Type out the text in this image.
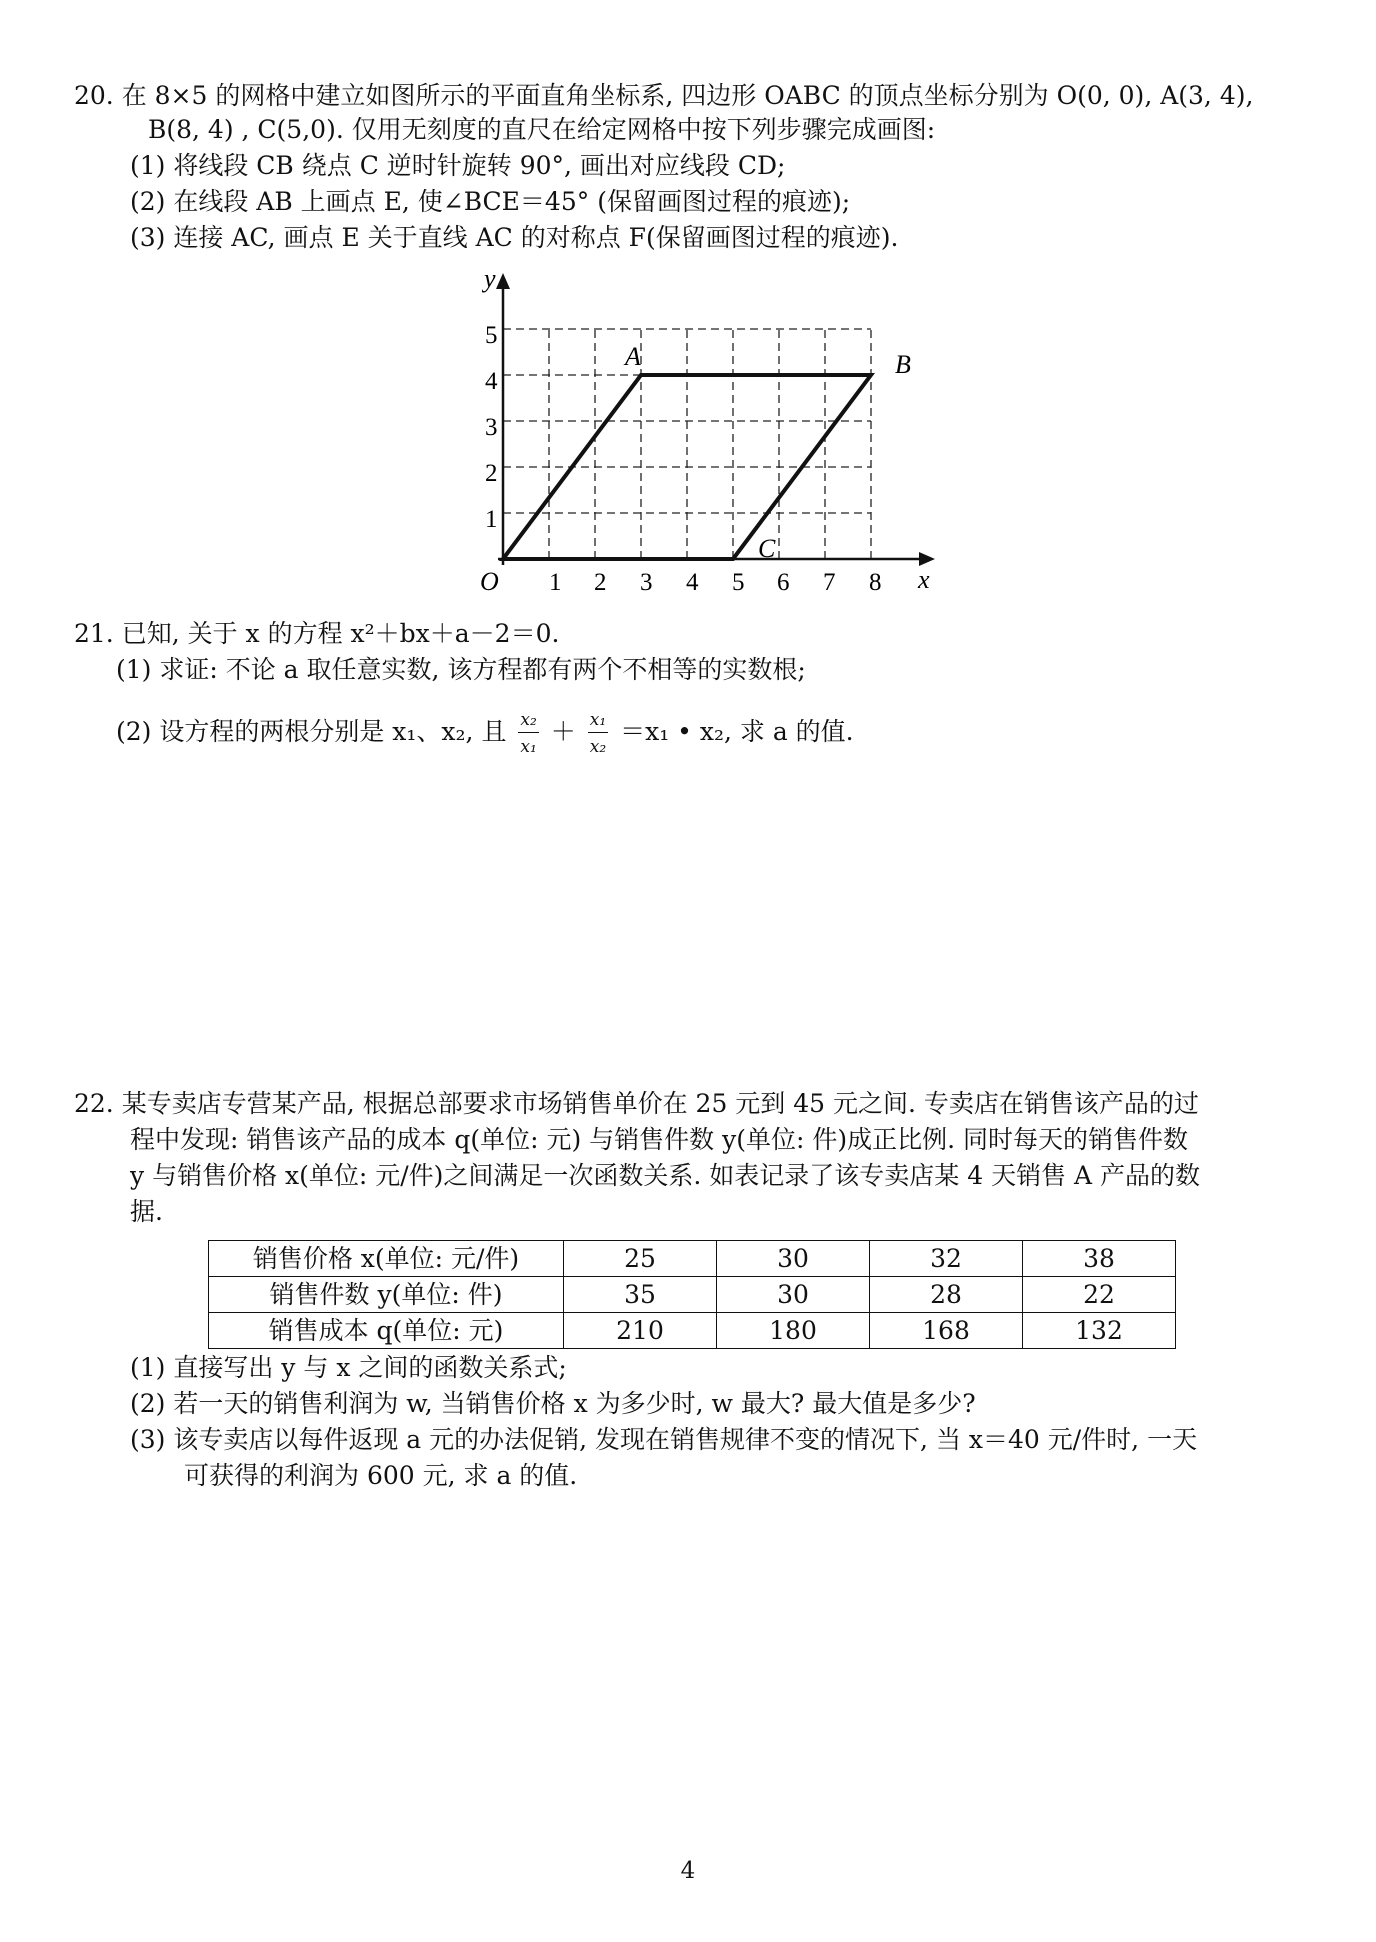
20. 在 8×5 的网格中建立如图所示的平面直角坐标系, 四边形 OABC 的顶点坐标分别为 O(0, 0), A(3, 4),
B(8, 4) , C(5,0). 仅用无刻度的直尺在给定网格中按下列步骤完成画图:
(1) 将线段 CB 绕点 C 逆时针旋转 90°, 画出对应线段 CD;
(2) 在线段 AB 上画点 E, 使∠BCE＝45° (保留画图过程的痕迹);
(3) 连接 AC, 画点 E 关于直线 AC 的对称点 F(保留画图过程的痕迹).
O	x
y
1 2 3 4 5 6 7 8
1
2
3
4
5
A	B
C
21. 已知, 关于 x 的方程 x²＋bx＋a－2＝0.
(1) 求证: 不论 a 取任意实数, 该方程都有两个不相等的实数根;
(2) 设方程的两根分别是 x₁、x₂, 且 $\frac{\text{x₂}}{\text{x₁}} + \frac{\text{x₁}}{\text{x₂}} =x_1$ • x₂, 求 a 的值.
22. 某专卖店专营某产品, 根据总部要求市场销售单价在 25 元到 45 元之间. 专卖店在销售该产品的过
程中发现: 销售该产品的成本 q(单位: 元) 与销售件数 y(单位: 件)成正比例. 同时每天的销售件数
y 与销售价格 x(单位: 元/件)之间满足一次函数关系. 如表记录了该专卖店某 4 天销售 A 产品的数
据.
销售价格 x(单位: 元/件)	25	30	32	38
销售件数 y(单位: 件)	35	30	28	22
销售成本 q(单位: 元)	210	180	168	132
(1) 直接写出 y 与 x 之间的函数关系式;
(2) 若一天的销售利润为 w, 当销售价格 x 为多少时, w 最大? 最大值是多少?
(3) 该专卖店以每件返现 a 元的办法促销, 发现在销售规律不变的情况下, 当 x＝40 元/件时, 一天
可获得的利润为 600 元, 求 a 的值.
4
